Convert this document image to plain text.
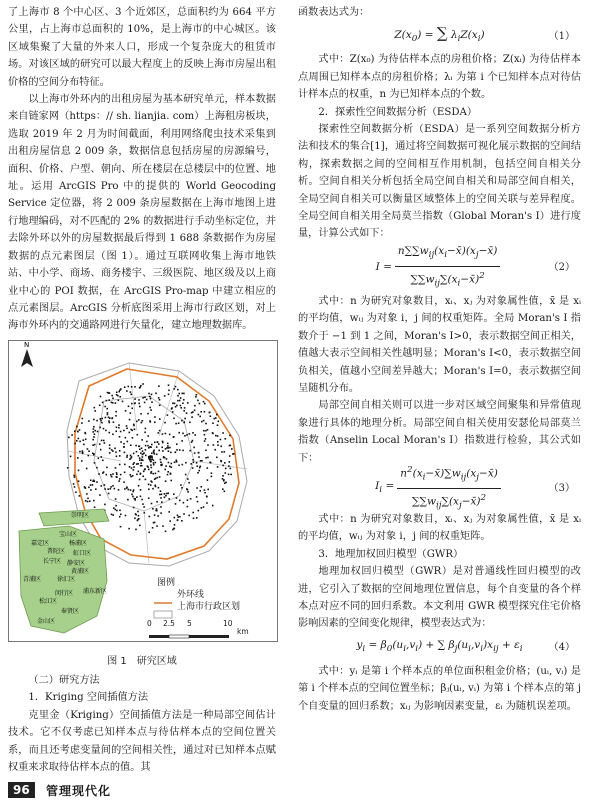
了上海市 8 个中心区、3 个近郊区，总面积约为 664 平方公里，占上海市总面积的 10%，是上海市的中心城区。该区域集聚了大量的外来人口，形成一个复杂庞大的租赁市场。对该区域的研究可以最大程度上的反映上海市房屋出租价格的空间分布特征。

以上海市外环内的出租房屋为基本研究单元，样本数据来自链家网（https：// sh. lianjia. com）上海租房板块，选取 2019 年 2 月为时间截面，利用网络爬虫技术采集到出租房屋信息 2 009 条，数据信息包括房屋的房源编号，面积、价格、户型、朝向、所在楼层在总楼层中的位置、地址。运用 ArcGIS Pro 中的提供的 World Geocoding Service 定位器，将 2 009 条房屋数据在上海市地图上进行地理编码，对不匹配的 2% 的数据进行手动坐标定位，并去除外环以外的房屋数据最后得到 1 688 条数据作为房屋数据的点元素图层（图 1）。通过互联网收集上海市地铁站、中小学、商场、商务楼宇、三级医院、地区级及以上商业中心的 POI 数据，在 ArcGIS Pro-map 中建立相应的点元素图层。ArcGIS 分析底图采用上海市行政区划，对上海市外环内的交通路网进行矢量化，建立地理数据库。

N
崇明区
宝山区
嘉定区	杨浦区
普陀区 虹口区
长宁区 静安区
青浦区	徐汇区
黄浦区
浦东新区
闵行区
松江区
奉贤区
金山区
图例
外环线
上海市行政区划
0 2.5 5	10
km
图 1　研究区域

（二）研究方法

1．Kriging 空间插值方法

克里金（Kriging）空间插值方法是一种局部空间估计技术。它不仅考虑已知样本点与待估样本点的空间位置关系，而且还考虑变量间的空间相关性，通过对已知样本点赋权重来求取待估样本点的值。其

函数表达式为：

$Z(x_0)$ = ∑ $\lambda_iZ(x_i)$	（1）

式中：Z(x₀) 为待估样本点的房租价格；Z(xᵢ) 为待估样本点周围已知样本点的房租价格；λᵢ 为第 i 个已知样本点对待估计样本点的权重，n 为已知样本点的个数。

2．探索性空间数据分析（ESDA）

探索性空间数据分析（ESDA）是一系列空间数据分析方法和技术的集合[1]，通过将空间数据可视化展示数据的空间结构，探索数据之间的空间相互作用机制，包括空间自相关分析。空间自相关分析包括全局空间自相关和局部空间自相关，全局空间自相关可以衡量区域整体上的空间关联与差异程度。全局空间自相关用全局莫兰指数（Global Moran's I）进行度量，计算公式如下：

$I = \frac{n\sum\sum w_{ij}(x_i-x̄)(x_j-x̄)}{\sum\sum w_{ij}\sum(x_i-x̄)^2}$	（2）

式中：n 为研究对象数目，xᵢ、xⱼ 为对象属性值，x̄ 是 xᵢ 的平均值，wᵢⱼ 为对象 i，j 间的权重矩阵。全局 Moran's I 指数介于 −1 到 1 之间，Moran's I>0，表示数据空间正相关，值越大表示空间相关性越明显；Moran's I<0，表示数据空间负相关，值越小空间差异越大；Moran's I=0，表示数据空间呈随机分布。

局部空间自相关则可以进一步对区域空间聚集和异常值现象进行具体的地理分析。局部空间自相关使用安瑟伦局部莫兰指数（Anselin Local Moran's I）指数进行检验，其公式如下：

$I_i = \frac{n^2(x_i-x̄)\sum w_{ij}(x_j-x̄)}{\sum\sum w_{ij}\sum(x_j-x̄)^2}$	（3）

式中：n 为研究对象数目，xᵢ、xⱼ 为对象属性值，x̄ 是 xᵢ 的平均值，wᵢⱼ 为对象 i，j 间的权重矩阵。

3．地理加权回归模型（GWR）

地理加权回归模型（GWR）是对普通线性回归模型的改进，它引入了数据的空间地理位置信息，每个自变量的各个样本点对应不同的回归系数。本文利用 GWR 模型探究住宅价格影响因素的空间变化规律，模型表达式为：

$y_i = \beta_0(u_i,v_i)$ + ∑ $\beta_j(u_i,v_i)x_{ij} + \varepsilon_i$	（4）

式中：yᵢ 是第 i 个样本点的单位面积租金价格；(uᵢ, vᵢ) 是第 i 个样本点的空间位置坐标；βⱼ(uᵢ, vᵢ) 为第 i 个样本点的第 j 个自变量的回归系数；xᵢⱼ 为影响因素变量，εᵢ 为随机误差项。

96	管理现代化
